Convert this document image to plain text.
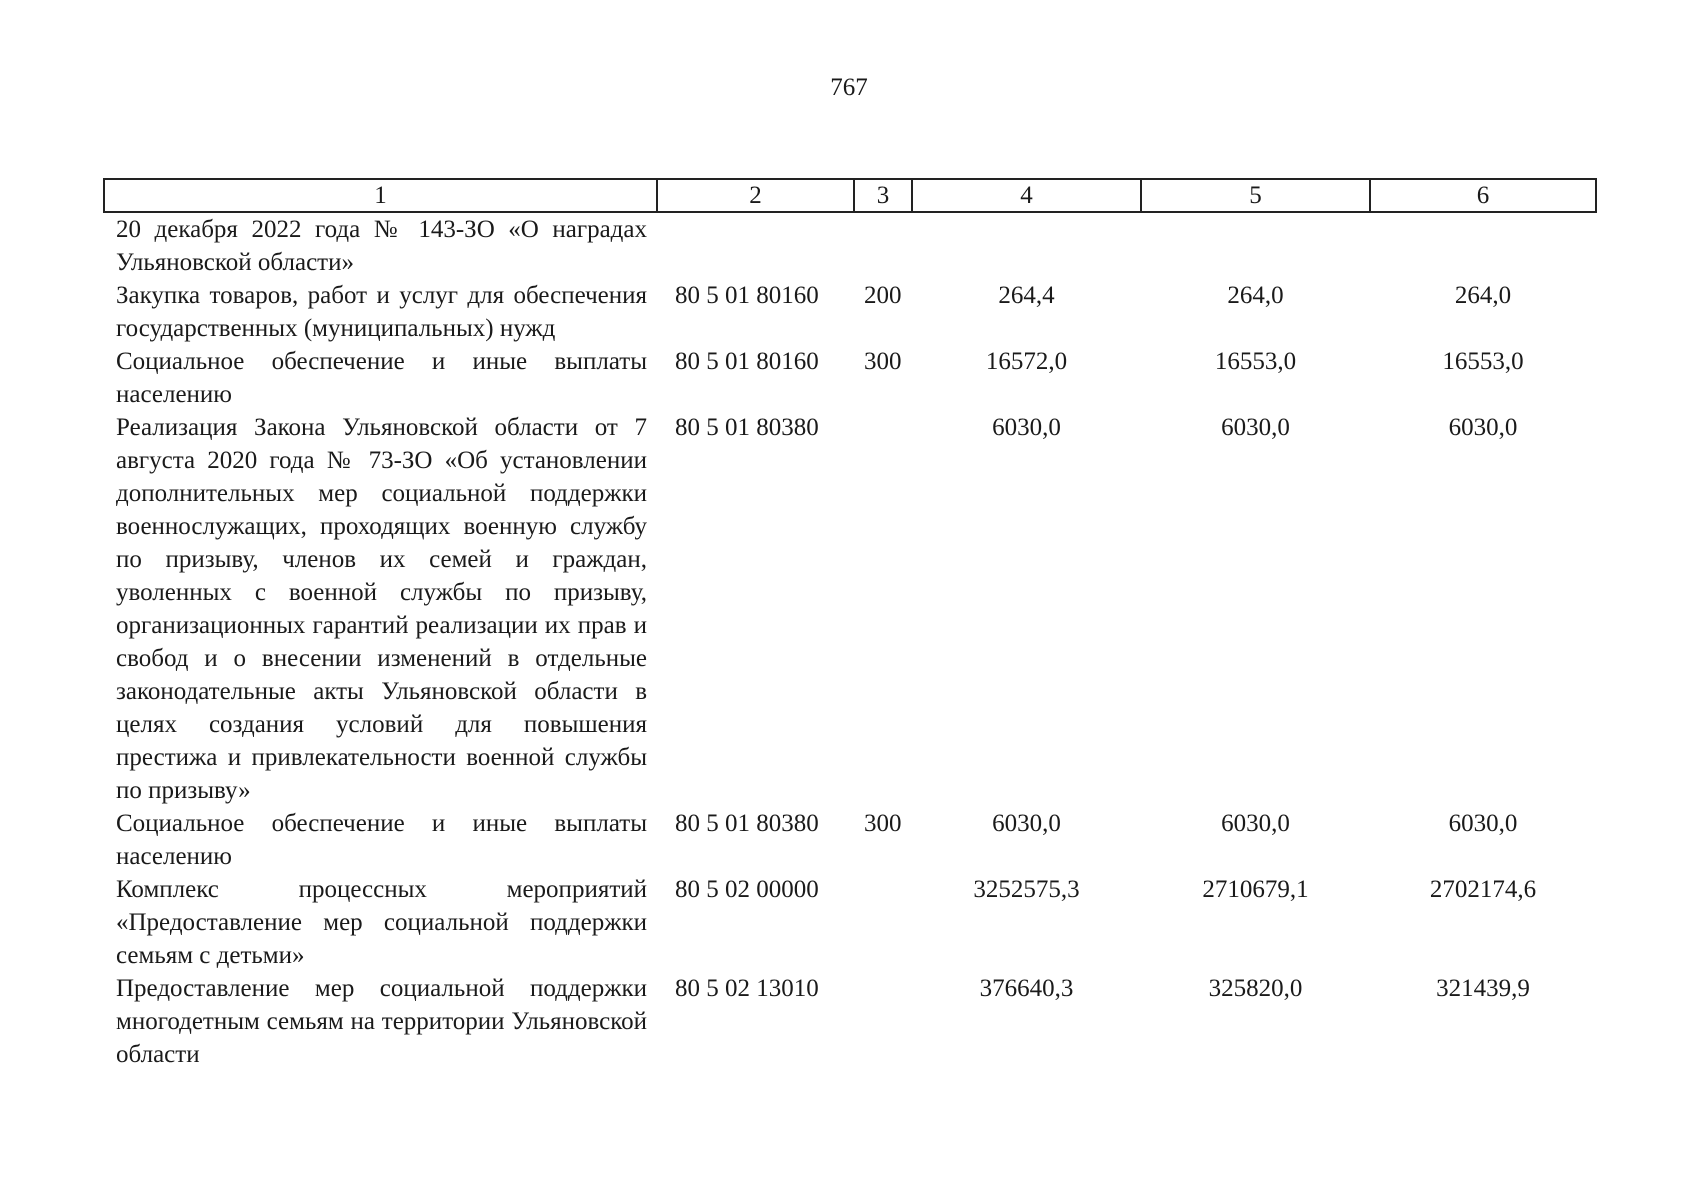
767
1	2	3	4	5	6
20 декабря 2022 года № 143-ЗО «О наградах Ульяновской области»					
Закупка товаров, работ и услуг для обеспечения государственных (муниципальных) нужд	80 5 01 80160	200	264,4	264,0	264,0
Социальное обеспечение и иные выплаты населению	80 5 01 80160	300	16572,0	16553,0	16553,0
Реализация Закона Ульяновской области от 7 августа 2020 года № 73-ЗО «Об установлении дополнительных мер социальной поддержки военнослужащих, проходящих военную службу по призыву, членов их семей и граждан, уволенных с военной службы по призыву, организационных гарантий реализации их прав и свобод и о внесении изменений в отдельные законодательные акты Ульяновской области в целях создания условий для повышения престижа и привлекательности военной службы по призыву»	80 5 01 80380		6030,0	6030,0	6030,0
Социальное обеспечение и иные выплаты населению	80 5 01 80380	300	6030,0	6030,0	6030,0
Комплекс процессных мероприятий «Предоставление мер социальной поддержки семьям с детьми»	80 5 02 00000		3252575,3	2710679,1	2702174,6
Предоставление мер социальной поддержки многодетным семьям на территории Ульяновской области	80 5 02 13010		376640,3	325820,0	321439,9
